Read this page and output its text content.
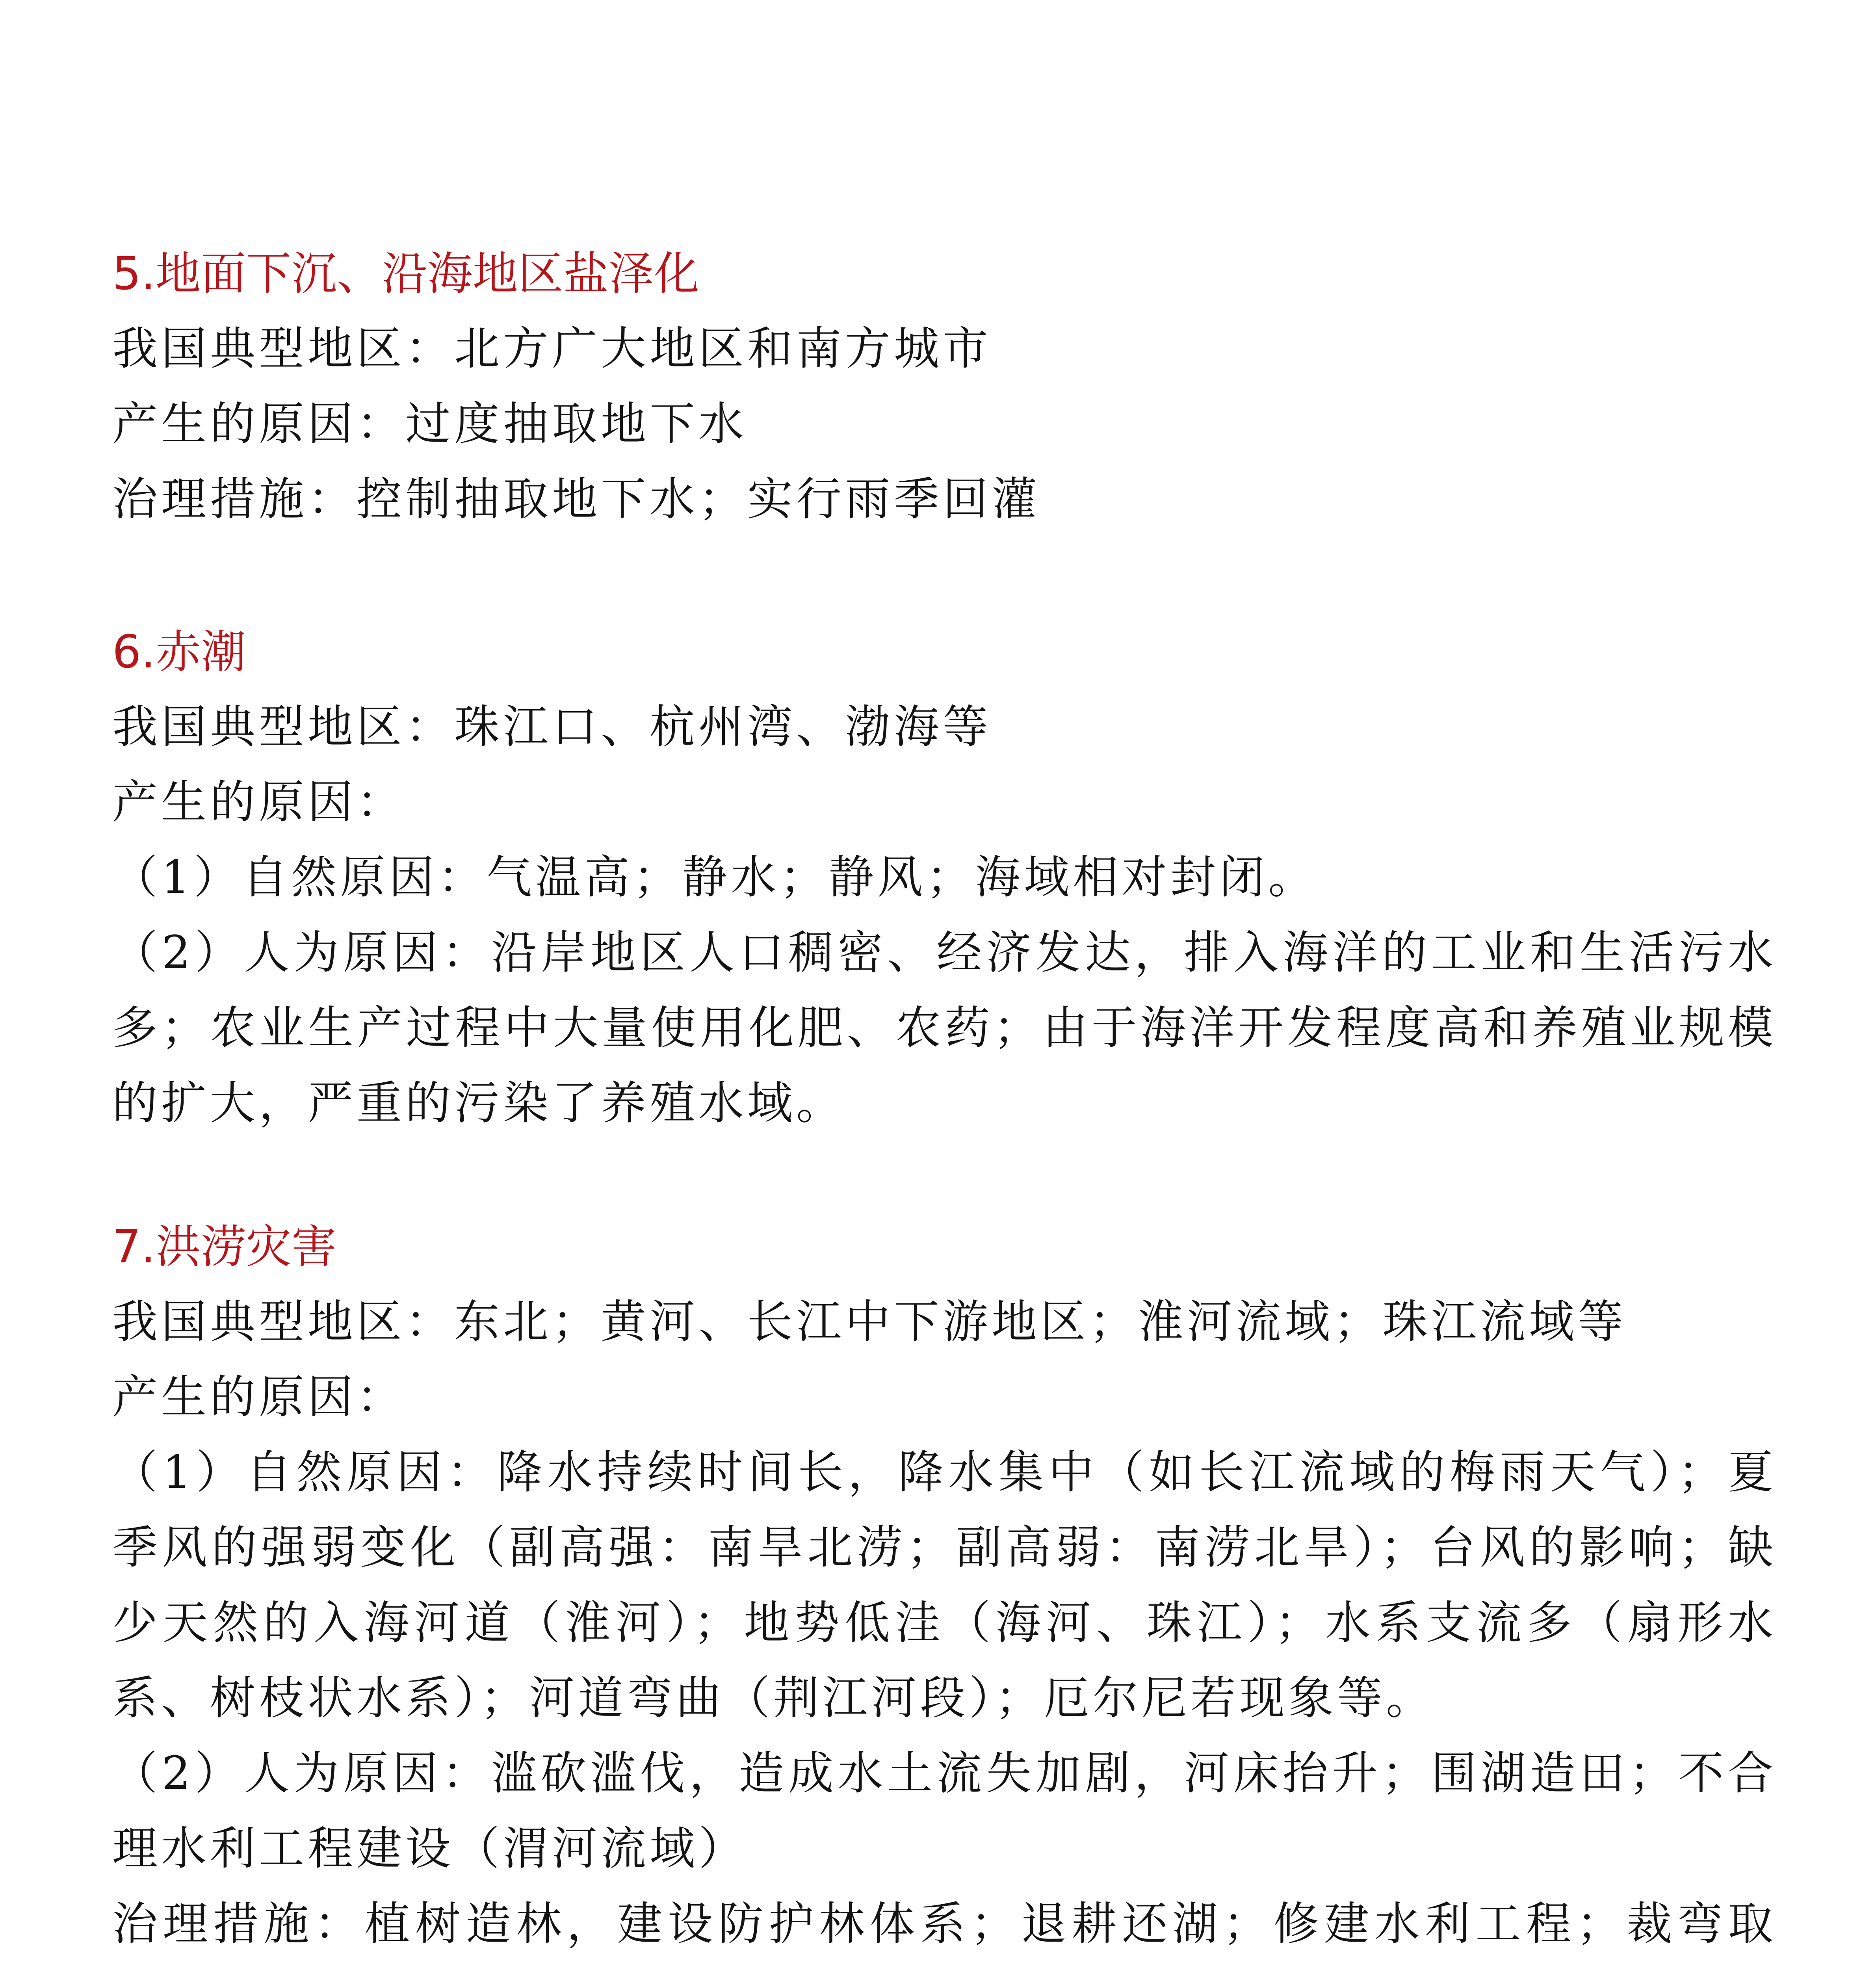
5.地面下沉、沿海地区盐泽化

我国典型地区：北方广大地区和南方城市

产生的原因：过度抽取地下水

治理措施：控制抽取地下水；实行雨季回灌

6.赤潮

我国典型地区：珠江口、杭州湾、渤海等

产生的原因：

（1）自然原因：气温高；静水；静风；海域相对封闭。

（2）人为原因：沿岸地区人口稠密、经济发达，排入海洋的工业和生活污水多；农业生产过程中大量使用化肥、农药；由于海洋开发程度高和养殖业规模的扩大，严重的污染了养殖水域。

7.洪涝灾害

我国典型地区：东北；黄河、长江中下游地区；淮河流域；珠江流域等

产生的原因：

（1）自然原因：降水持续时间长，降水集中（如长江流域的梅雨天气）；夏季风的强弱变化（副高强：南旱北涝；副高弱：南涝北旱）；台风的影响；缺少天然的入海河道（淮河）；地势低洼（海河、珠江）；水系支流多（扇形水系、树枝状水系）；河道弯曲（荆江河段）；厄尔尼若现象等。

（2）人为原因：滥砍滥伐，造成水土流失加剧，河床抬升；围湖造田；不合理水利工程建设（渭河流域）

治理措施：植树造林，建设防护林体系；退耕还湖；修建水利工程；裁弯取
